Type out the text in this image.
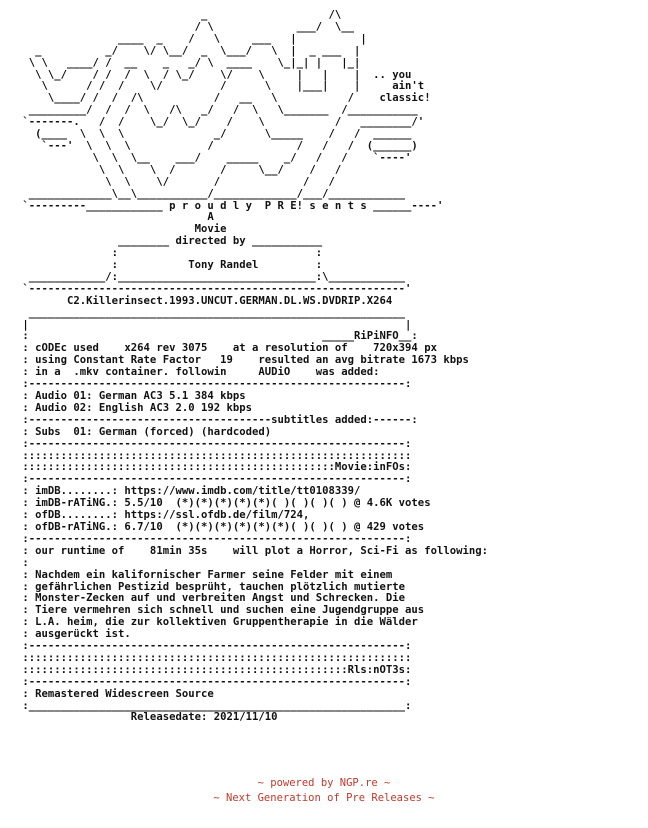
_                   /\
/ \             ___/  \__
____  _    /   \     ___   |          |
_          _/    \/ \__/  _  \___/   \  |  _ ___  |
\ \   ____/ /  __    _   _/ \  ____    \_|_| |   |_|
\ \_/    / /  /  \  / \_/    \/    \     |   |    |  .. you
\      / /  /    \/         /      \    |___|    |     ain't
\____/ /  /  /\           /   __   \           /    classic!
_________/  /  /  \   /\   _/   /  \   \_______  /___________
`-------.   /  /    \_/  \_/    /    \           /   ________/'
(____  \  \  \              _/      \_____    /   /  ______
`---'  \  \  \            /             /   /   /  (______)
\  \  \__    ___/    _____    _/   /   /    `----'
\  \    \  /       /     \__/    /   /
\  \    \/       /             /   /
_____________\__\___________/_____________/___/____________
`---------____________ p r o u d l y  P R E! s e n t s ______----'
A
Movie
________ directed by ___________
:                               :
:           Tony Randel         :
____________/:_______________________________:\____________
`-----------------------------------------------------------'
C2.Killerinsect.1993.UNCUT.GERMAN.DL.WS.DVDRIP.X264
___________________________________________________________
|                                                           |
:                                              _____RiPiNFO__:
: cODEc used    x264 rev 3075    at a resolution of    720x394 px
: using Constant Rate Factor   19    resulted an avg bitrate 1673 kbps
: in a  .mkv container. followin     AUDiO    was added:
:-----------------------------------------------------------:
: Audio 01: German AC3 5.1 384 kbps
: Audio 02: English AC3 2.0 192 kbps
:--------------------------------------subtitles added:------:
: Subs  01: German (forced) (hardcoded)
:-----------------------------------------------------------:
:::::::::::::::::::::::::::::::::::::::::::::::::::::::::::::
:::::::::::::::::::::::::::::::::::::::::::::::::Movie:inFOs:
:-----------------------------------------------------------:
: imDB........: https://www.imdb.com/title/tt0108339/
: imDB-rATiNG.: 5.5/10  (*)(*)(*)(*)(*)( )( )( )( ) @ 4.6K votes
: ofDB........: https://ssl.ofdb.de/film/724,
: ofDB-rATiNG.: 6.7/10  (*)(*)(*)(*)(*)(*)( )( )( ) @ 429 votes
:-----------------------------------------------------------:
: our runtime of    81min 35s    will plot a Horror, Sci-Fi as following:
:
: Nachdem ein kalifornischer Farmer seine Felder mit einem
: gefährlichen Pestizid besprüht, tauchen plötzlich mutierte
: Monster-Zecken auf und verbreiten Angst und Schrecken. Die
: Tiere vermehren sich schnell und suchen eine Jugendgruppe aus
: L.A. heim, die zur kollektiven Gruppentherapie in die Wälder
: ausgerückt ist.
:-----------------------------------------------------------:
:::::::::::::::::::::::::::::::::::::::::::::::::::::::::::::
:::::::::::::::::::::::::::::::::::::::::::::::::::Rls:nOT3s:
:-----------------------------------------------------------:
: Remastered Widescreen Source
:___________________________________________________________:
Releasedate: 2021/11/10

~ powered by NGP.re ~
~ Next Generation of Pre Releases ~
